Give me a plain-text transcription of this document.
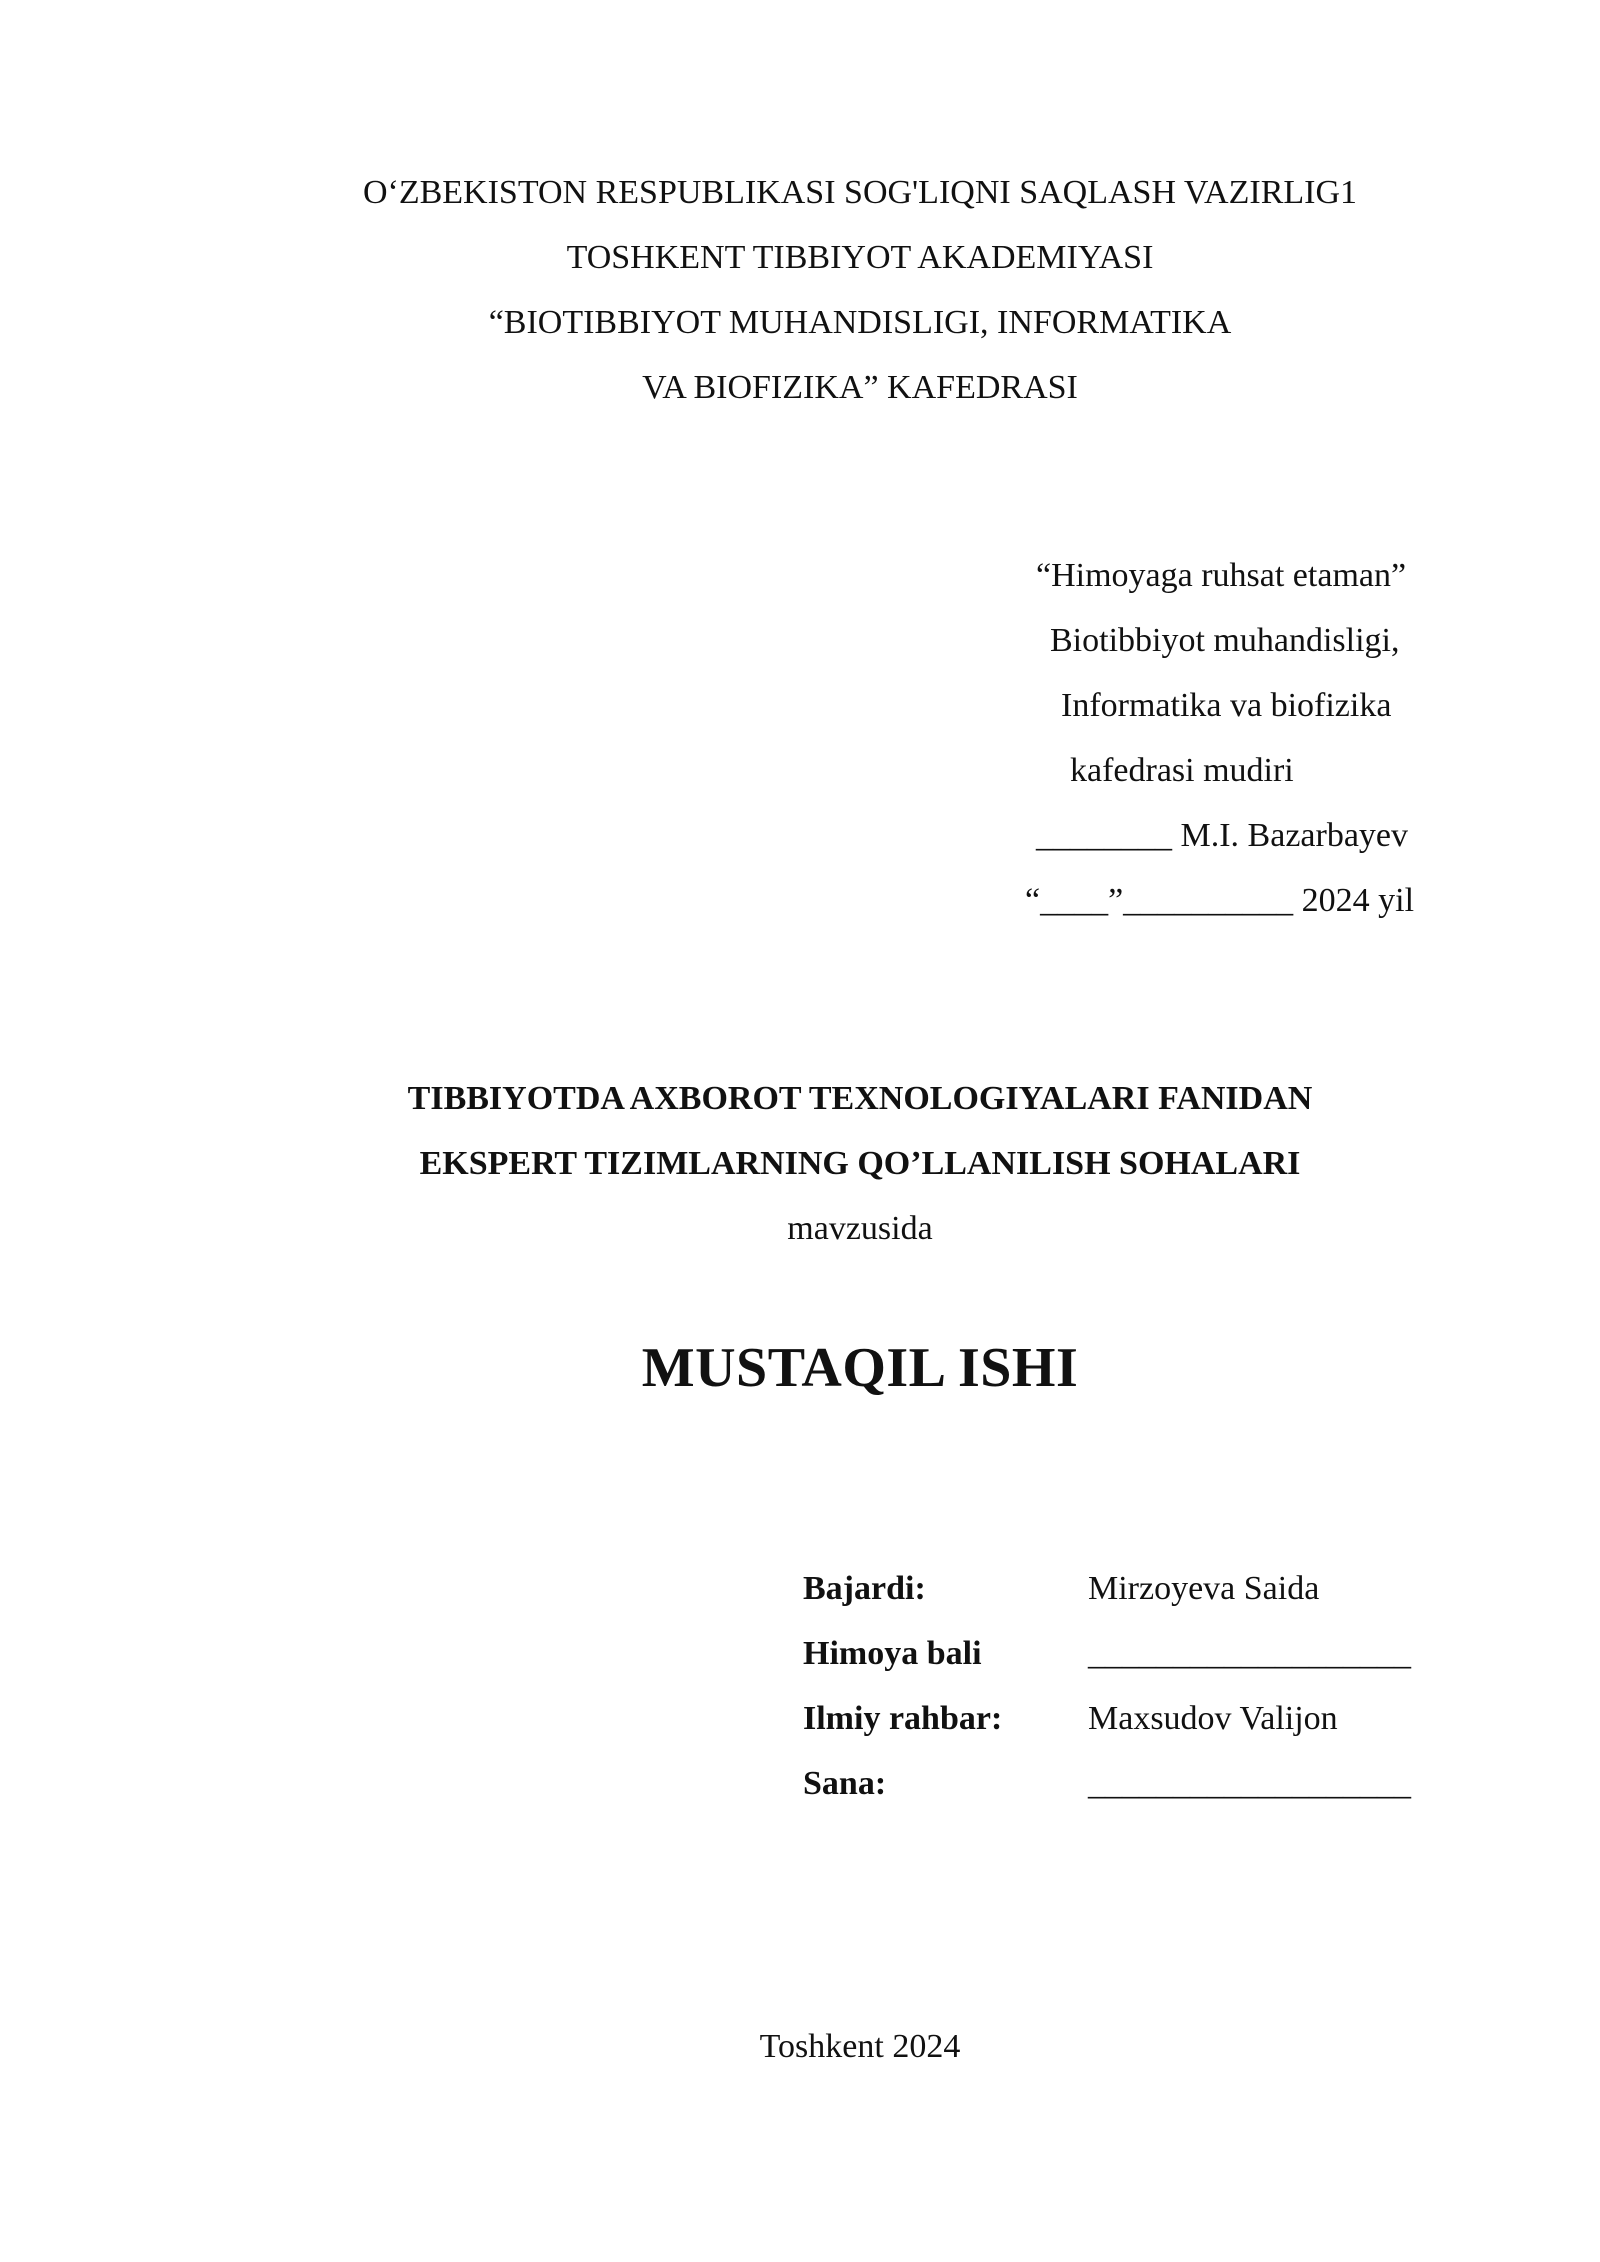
O‘ZBEKISTON RESPUBLIKASI SOG'LIQNI SAQLASH VAZIRLIG1
TOSHKENT TIBBIYOT AKADEMIYASI
“BIOTIBBIYOT MUHANDISLIGI, INFORMATIKA
VA BIOFIZIKA” KAFEDRASI
“Himoyaga ruhsat etaman”
Biotibbiyot muhandisligi,
Informatika va biofizika
kafedrasi mudiri
________ M.I. Bazarbayev
“____”__________ 2024 yil
TIBBIYOTDA AXBOROT TEXNOLOGIYALARI FANIDAN
EKSPERT TIZIMLARNING QO’LLANILISH SOHALARI
mavzusida
MUSTAQIL ISHI
Bajardi:	Mirzoyeva Saida
Himoya bali	___________________
Ilmiy rahbar:	Maxsudov Valijon
Sana:	___________________
Toshkent 2024
